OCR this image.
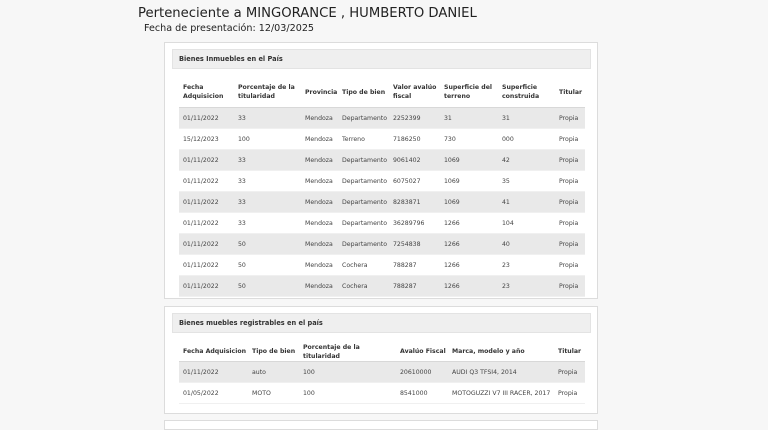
Perteneciente a MINGORANCE , HUMBERTO DANIEL
Fecha de presentación: 12/03/2025
Bienes Inmuebles en el País
Fecha Adquisicion	Porcentaje de la titularidad	Provincia	Tipo de bien	Valor avalúo fiscal	Superficie del terreno	Superficie construida	Titular
01/11/2022	33	Mendoza	Departamento	2252399	31	31	Propia
15/12/2023	100	Mendoza	Terreno	7186250	730	000	Propia
01/11/2022	33	Mendoza	Departamento	9061402	1069	42	Propia
01/11/2022	33	Mendoza	Departamento	6075027	1069	35	Propia
01/11/2022	33	Mendoza	Departamento	8283871	1069	41	Propia
01/11/2022	33	Mendoza	Departamento	36289796	1266	104	Propia
01/11/2022	50	Mendoza	Departamento	7254838	1266	40	Propia
01/11/2022	50	Mendoza	Cochera	788287	1266	23	Propia
01/11/2022	50	Mendoza	Cochera	788287	1266	23	Propia
Bienes muebles registrables en el país
Fecha Adquisicion	Tipo de bien	Porcentaje de la titularidad	Avalúo Fiscal	Marca, modelo y año	Titular
01/11/2022	auto	100	20610000	AUDI Q3 TFSI4, 2014	Propia
01/05/2022	MOTO	100	8541000	MOTOGUZZI V7 III RACER, 2017	Propia
